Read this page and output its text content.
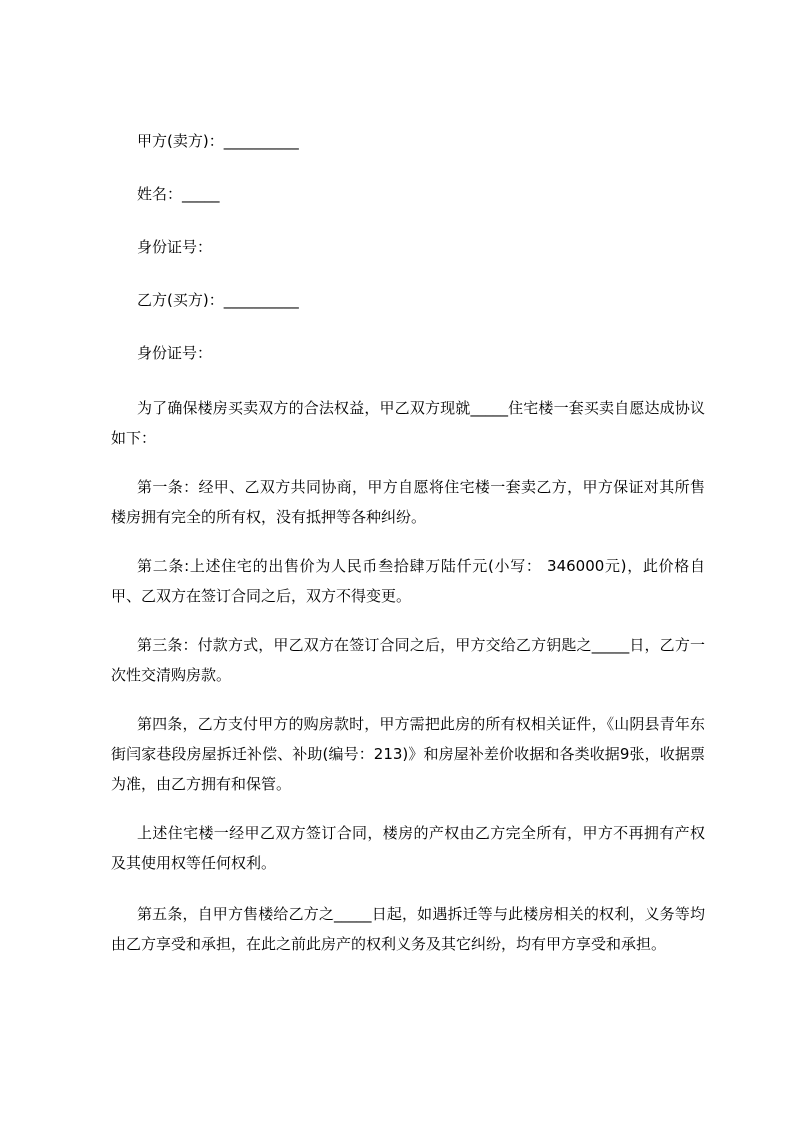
甲方(卖方)：__________
姓名：_____
身份证号：
乙方(买方)：__________
身份证号：
为了确保楼房买卖双方的合法权益，甲乙双方现就_____住宅楼一套买卖自愿达成协议如下：
第一条：经甲、乙双方共同协商，甲方自愿将住宅楼一套卖乙方，甲方保证对其所售楼房拥有完全的所有权，没有抵押等各种纠纷。
第二条:上述住宅的出售价为人民币叁拾肆万陆仟元(小写： 346000元)，此价格自甲、乙双方在签订合同之后，双方不得变更。
第三条：付款方式，甲乙双方在签订合同之后，甲方交给乙方钥匙之_____日，乙方一次性交清购房款。
第四条，乙方支付甲方的购房款时，甲方需把此房的所有权相关证件，《山阴县青年东街闫家巷段房屋拆迁补偿、补助(编号：213)》和房屋补差价收据和各类收据9张，收据票为准，由乙方拥有和保管。
上述住宅楼一经甲乙双方签订合同，楼房的产权由乙方完全所有，甲方不再拥有产权及其使用权等任何权利。
第五条，自甲方售楼给乙方之_____日起，如遇拆迁等与此楼房相关的权利，义务等均由乙方享受和承担，在此之前此房产的权利义务及其它纠纷，均有甲方享受和承担。
